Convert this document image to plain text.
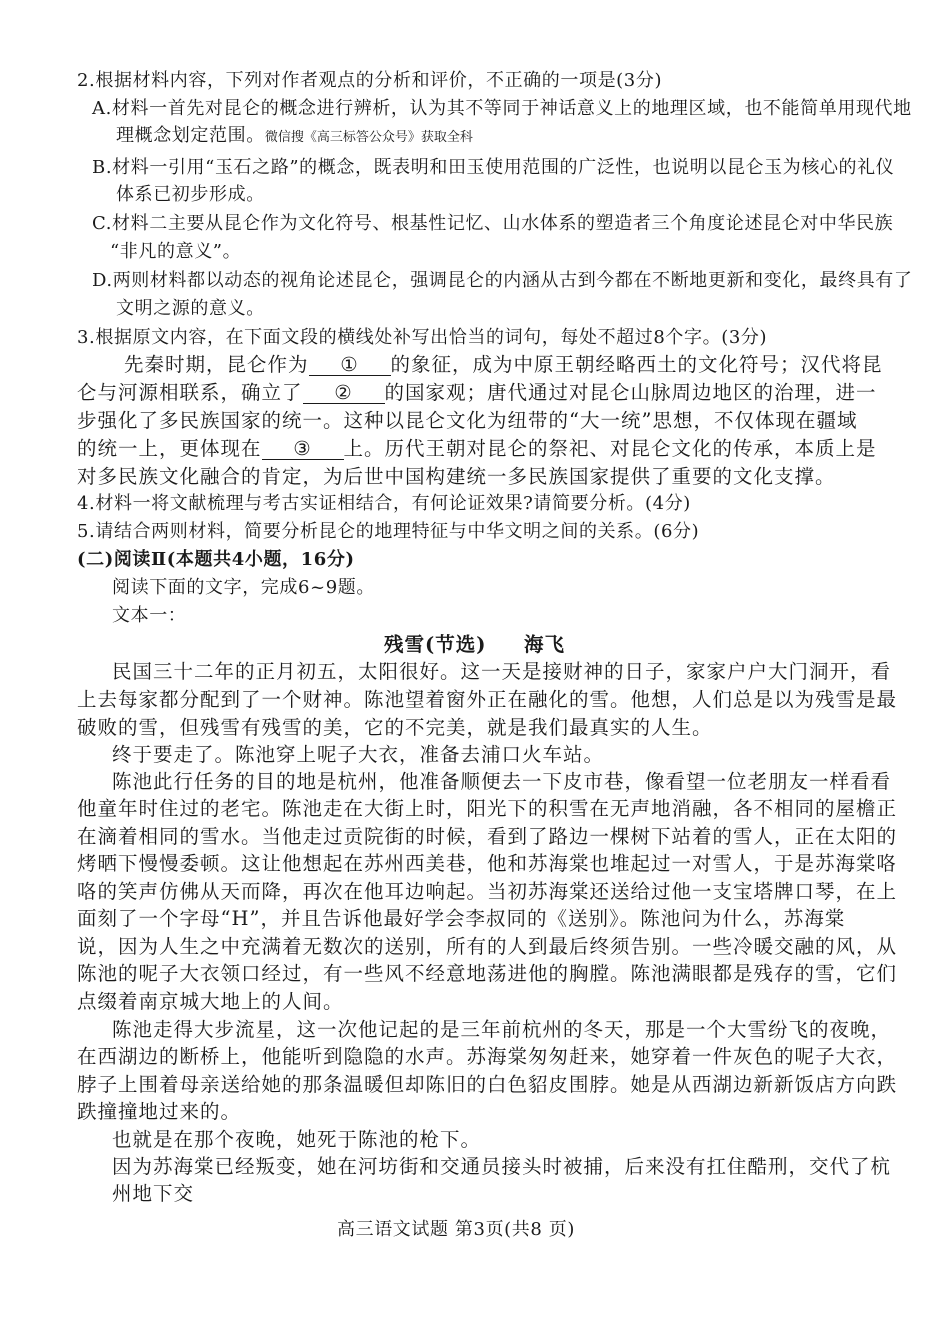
2.根据材料内容，下列对作者观点的分析和评价，不正确的一项是(3分)
A.材料一首先对昆仑的概念进行辨析，认为其不等同于神话意义上的地理区域，也不能简单用现代地
理概念划定范围。微信搜《高三标答公众号》获取全科
B.材料一引用“玉石之路”的概念，既表明和田玉使用范围的广泛性，也说明以昆仑玉为核心的礼仪
体系已初步形成。
C.材料二主要从昆仑作为文化符号、根基性记忆、山水体系的塑造者三个角度论述昆仑对中华民族
“非凡的意义”。
D.两则材料都以动态的视角论述昆仑，强调昆仑的内涵从古到今都在不断地更新和变化，最终具有了
文明之源的意义。
3.根据原文内容，在下面文段的横线处补写出恰当的词句，每处不超过8个字。(3分)
先秦时期，昆仑作为 ① 的象征，成为中原王朝经略西土的文化符号；汉代将昆
仑与河源相联系，确立了 ② 的国家观；唐代通过对昆仑山脉周边地区的治理，进一
步强化了多民族国家的统一。这种以昆仑文化为纽带的“大一统”思想，不仅体现在疆域
的统一上，更体现在 ③ 上。历代王朝对昆仑的祭祀、对昆仑文化的传承，本质上是
对多民族文化融合的肯定，为后世中国构建统一多民族国家提供了重要的文化支撑。
4.材料一将文献梳理与考古实证相结合，有何论证效果?请简要分析。(4分)
5.请结合两则材料，简要分析昆仑的地理特征与中华文明之间的关系。(6分)
(二)阅读Ⅱ(本题共4小题，16分)
阅读下面的文字，完成6~9题。
文本一：
残雪(节选) 海飞
民国三十二年的正月初五，太阳很好。这一天是接财神的日子，家家户户大门洞开，看
上去每家都分配到了一个财神。陈池望着窗外正在融化的雪。他想，人们总是以为残雪是最
破败的雪，但残雪有残雪的美，它的不完美，就是我们最真实的人生。
终于要走了。陈池穿上呢子大衣，准备去浦口火车站。
陈池此行任务的目的地是杭州，他准备顺便去一下皮市巷，像看望一位老朋友一样看看
他童年时住过的老宅。陈池走在大街上时，阳光下的积雪在无声地消融，各不相同的屋檐正
在滴着相同的雪水。当他走过贡院街的时候，看到了路边一棵树下站着的雪人，正在太阳的
烤晒下慢慢委顿。这让他想起在苏州西美巷，他和苏海棠也堆起过一对雪人，于是苏海棠咯
咯的笑声仿佛从天而降，再次在他耳边响起。当初苏海棠还送给过他一支宝塔牌口琴，在上
面刻了一个字母“H”，并且告诉他最好学会李叔同的《送别》。陈池问为什么，苏海棠
说，因为人生之中充满着无数次的送别，所有的人到最后终须告别。一些冷暖交融的风，从
陈池的呢子大衣领口经过，有一些风不经意地荡进他的胸膛。陈池满眼都是残存的雪，它们
点缀着南京城大地上的人间。
陈池走得大步流星，这一次他记起的是三年前杭州的冬天，那是一个大雪纷飞的夜晚，
在西湖边的断桥上，他能听到隐隐的水声。苏海棠匆匆赶来，她穿着一件灰色的呢子大衣，
脖子上围着母亲送给她的那条温暖但却陈旧的白色貂皮围脖。她是从西湖边新新饭店方向跌
跌撞撞地过来的。
也就是在那个夜晚，她死于陈池的枪下。
因为苏海棠已经叛变，她在河坊街和交通员接头时被捕，后来没有扛住酷刑，交代了杭
州地下交
高三语文试题 第3页(共8 页)
